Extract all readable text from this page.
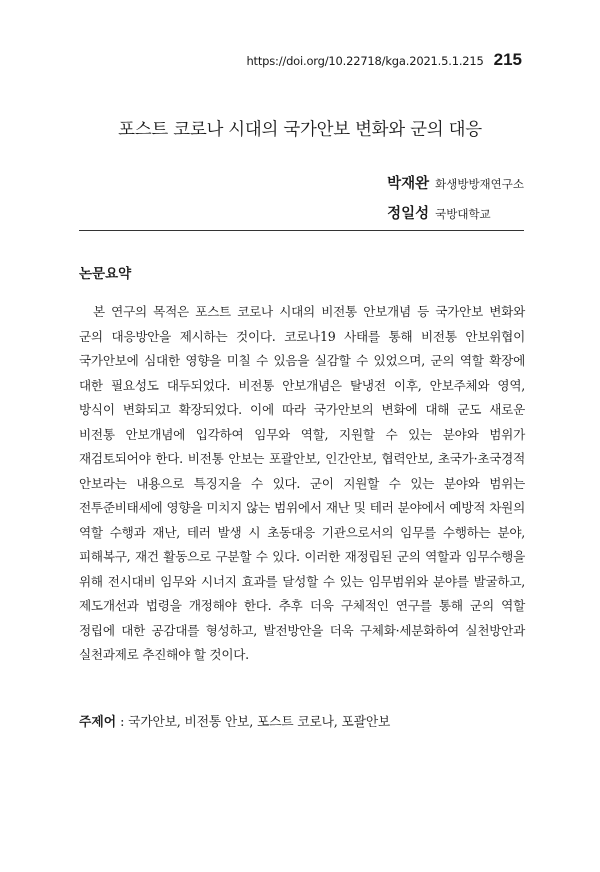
https://doi.org/10.22718/kga.2021.5.1.215 215
포스트 코로나 시대의 국가안보 변화와 군의 대응
박재완 화생방방재연구소
정일성 국방대학교
논문요약

본 연구의 목적은 포스트 코로나 시대의 비전통 안보개념 등 국가안보 변화와 군의 대응방안을 제시하는 것이다. 코로나19 사태를 통해 비전통 안보위협이 국가안보에 심대한 영향을 미칠 수 있음을 실감할 수 있었으며, 군의 역할 확장에 대한 필요성도 대두되었다. 비전통 안보개념은 탈냉전 이후, 안보주체와 영역, 방식이 변화되고 확장되었다. 이에 따라 국가안보의 변화에 대해 군도 새로운 비전통 안보개념에 입각하여 임무와 역할, 지원할 수 있는 분야와 범위가 재검토되어야 한다. 비전통 안보는 포괄안보, 인간안보, 협력안보, 초국가·초국경적 안보라는 내용으로 특징지을 수 있다. 군이 지원할 수 있는 분야와 범위는 전투준비태세에 영향을 미치지 않는 범위에서 재난 및 테러 분야에서 예방적 차원의 역할 수행과 재난, 테러 발생 시 초동대응 기관으로서의 임무를 수행하는 분야, 피해복구, 재건 활동으로 구분할 수 있다. 이러한 재정립된 군의 역할과 임무수행을 위해 전시대비 임무와 시너지 효과를 달성할 수 있는 임무범위와 분야를 발굴하고, 제도개선과 법령을 개정해야 한다. 추후 더욱 구체적인 연구를 통해 군의 역할 정립에 대한 공감대를 형성하고, 발전방안을 더욱 구체화·세분화하여 실천방안과 실천과제로 추진해야 할 것이다.

주제어 : 국가안보, 비전통 안보, 포스트 코로나, 포괄안보
